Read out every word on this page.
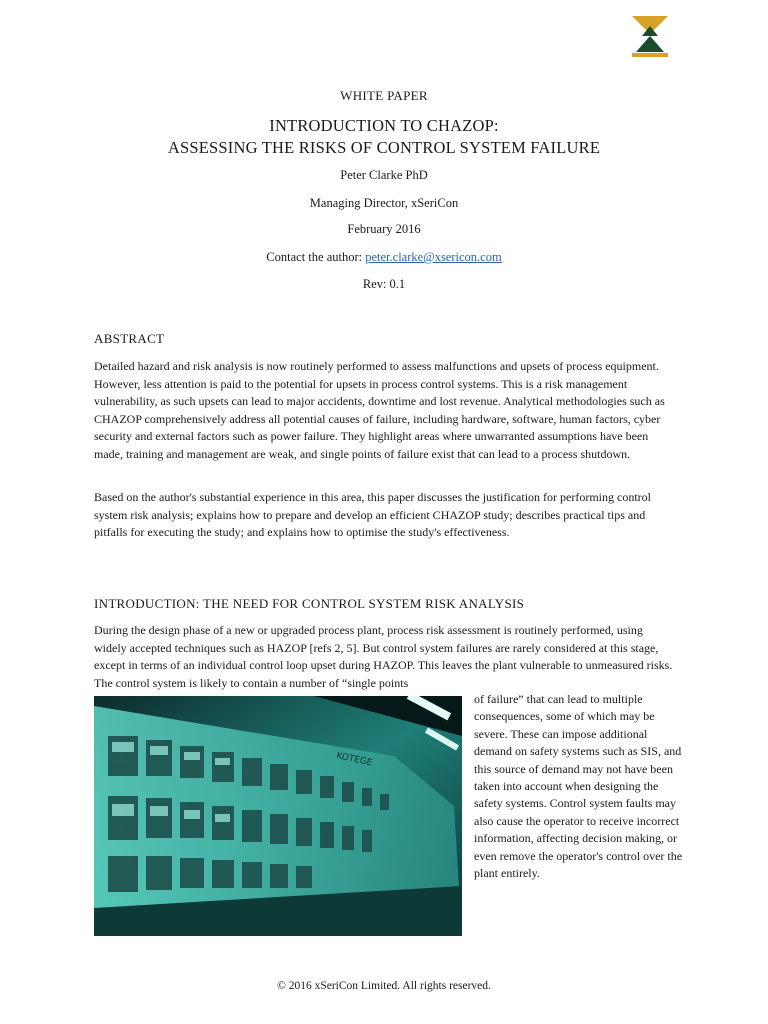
WHITE PAPER
INTRODUCTION TO CHAZOP:
ASSESSING THE RISKS OF CONTROL SYSTEM FAILURE
Peter Clarke PhD
Managing Director, xSeriCon
February 2016
Contact the author: peter.clarke@xsericon.com
Rev: 0.1
ABSTRACT

Detailed hazard and risk analysis is now routinely performed to assess malfunctions and upsets of process equipment. However, less attention is paid to the potential for upsets in process control systems. This is a risk management vulnerability, as such upsets can lead to major accidents, downtime and lost revenue. Analytical methodologies such as CHAZOP comprehensively address all potential causes of failure, including hardware, software, human factors, cyber security and external factors such as power failure. They highlight areas where unwarranted assumptions have been made, training and management are weak, and single points of failure exist that can lead to a process shutdown.

Based on the author's substantial experience in this area, this paper discusses the justification for performing control system risk analysis; explains how to prepare and develop an efficient CHAZOP study; describes practical tips and pitfalls for executing the study; and explains how to optimise the study's effectiveness.

INTRODUCTION: THE NEED FOR CONTROL SYSTEM RISK ANALYSIS

During the design phase of a new or upgraded process plant, process risk assessment is routinely performed, using widely accepted techniques such as HAZOP [refs 2, 5]. But control system failures are rarely considered at this stage, except in terms of an individual control loop upset during HAZOP. This leaves the plant vulnerable to unmeasured risks. The control system is likely to contain a number of “single points

KOTEGE

of failure” that can lead to multiple consequences, some of which may be severe. These can impose additional demand on safety systems such as SIS, and this source of demand may not have been taken into account when designing the safety systems. Control system faults may also cause the operator to receive incorrect information, affecting decision making, or even remove the operator's control over the plant entirely.

© 2016 xSeriCon Limited. All rights reserved.
